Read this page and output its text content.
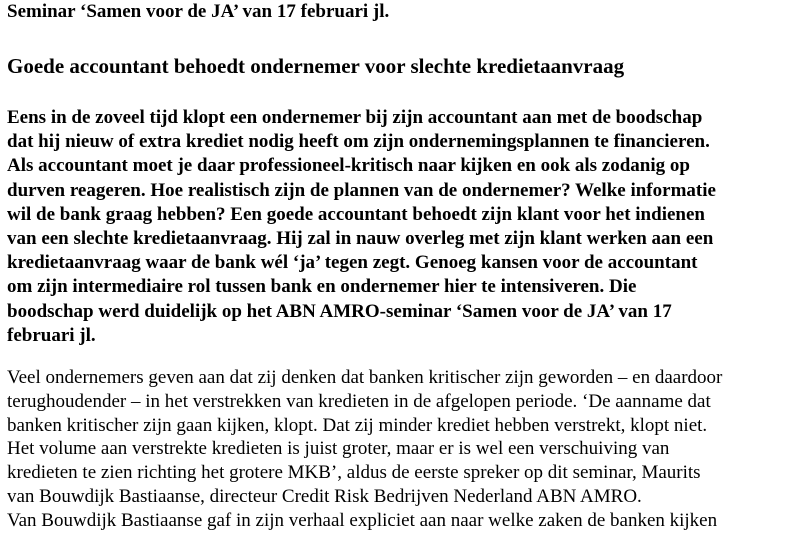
Seminar ‘Samen voor de JA’ van 17 februari jl.

Goede accountant behoedt ondernemer voor slechte kredietaanvraag

Eens in de zoveel tijd klopt een ondernemer bij zijn accountant aan met de boodschap
dat hij nieuw of extra krediet nodig heeft om zijn ondernemingsplannen te financieren.
Als accountant moet je daar professioneel-kritisch naar kijken en ook als zodanig op
durven reageren. Hoe realistisch zijn de plannen van de ondernemer? Welke informatie
wil de bank graag hebben? Een goede accountant behoedt zijn klant voor het indienen
van een slechte kredietaanvraag. Hij zal in nauw overleg met zijn klant werken aan een
kredietaanvraag waar de bank wél ‘ja’ tegen zegt. Genoeg kansen voor de accountant
om zijn intermediaire rol tussen bank en ondernemer hier te intensiveren. Die
boodschap werd duidelijk op het ABN AMRO-seminar ‘Samen voor de JA’ van 17
februari jl.

Veel ondernemers geven aan dat zij denken dat banken kritischer zijn geworden – en daardoor
terughoudender – in het verstrekken van kredieten in de afgelopen periode. ‘De aanname dat
banken kritischer zijn gaan kijken, klopt. Dat zij minder krediet hebben verstrekt, klopt niet.
Het volume aan verstrekte kredieten is juist groter, maar er is wel een verschuiving van
kredieten te zien richting het grotere MKB’, aldus de eerste spreker op dit seminar, Maurits
van Bouwdijk Bastiaanse, directeur Credit Risk Bedrijven Nederland ABN AMRO.
Van Bouwdijk Bastiaanse gaf in zijn verhaal expliciet aan naar welke zaken de banken kijken
